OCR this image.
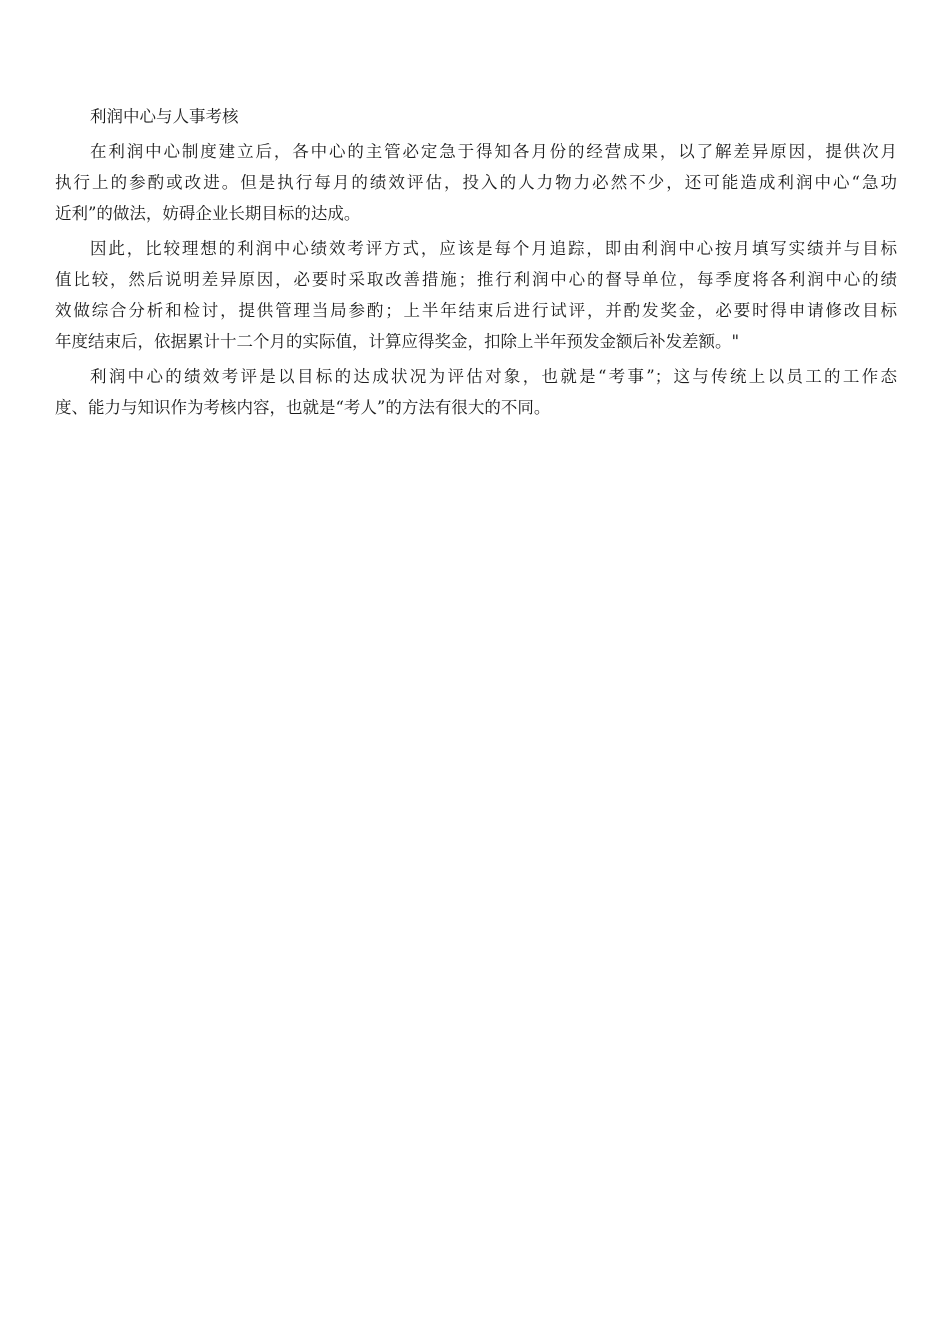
利润中心与人事考核
在利润中心制度建立后，各中心的主管必定急于得知各月份的经营成果，以了解差异原因，提供次月
执行上的参酌或改进。但是执行每月的绩效评估，投入的人力物力必然不少，还可能造成利润中心“急功
近利”的做法，妨碍企业长期目标的达成。
因此，比较理想的利润中心绩效考评方式，应该是每个月追踪，即由利润中心按月填写实绩并与目标
值比较，然后说明差异原因，必要时采取改善措施；推行利润中心的督导单位，每季度将各利润中心的绩
效做综合分析和检讨，提供管理当局参酌；上半年结束后进行试评，并酌发奖金，必要时得申请修改目标
年度结束后，依据累计十二个月的实际值，计算应得奖金，扣除上半年预发金额后补发差额。"
利润中心的绩效考评是以目标的达成状况为评估对象，也就是“考事”；这与传统上以员工的工作态
度、能力与知识作为考核内容，也就是“考人”的方法有很大的不同。
